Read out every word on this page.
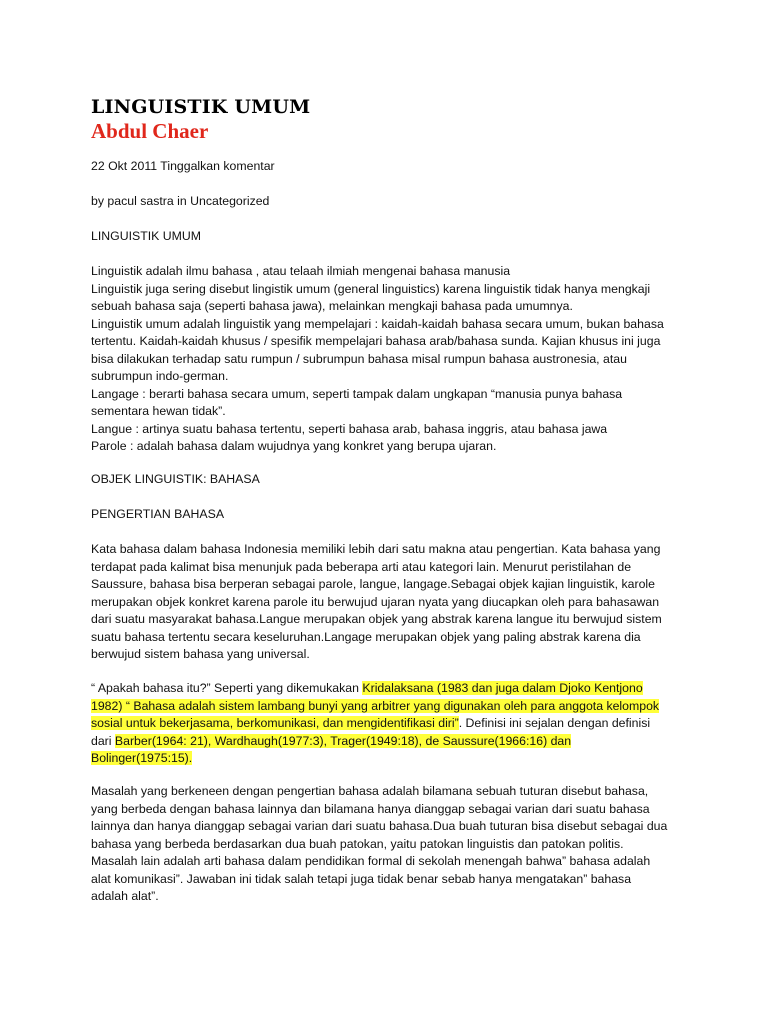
LINGUISTIK UMUM
Abdul Chaer
22 Okt 2011 Tinggalkan komentar
by pacul sastra in Uncategorized
LINGUISTIK UMUM
Linguistik adalah ilmu bahasa , atau telaah ilmiah mengenai bahasa manusia
Linguistik juga sering disebut lingistik umum (general linguistics) karena linguistik tidak hanya mengkaji
sebuah bahasa saja (seperti bahasa jawa), melainkan mengkaji bahasa pada umumnya.
Linguistik umum adalah linguistik yang mempelajari : kaidah-kaidah bahasa secara umum, bukan bahasa
tertentu. Kaidah-kaidah khusus / spesifik mempelajari bahasa arab/bahasa sunda. Kajian khusus ini juga
bisa dilakukan terhadap satu rumpun / subrumpun bahasa misal rumpun bahasa austronesia, atau
subrumpun indo-german.
Langage : berarti bahasa secara umum, seperti tampak dalam ungkapan “manusia punya bahasa
sementara hewan tidak”.
Langue : artinya suatu bahasa tertentu, seperti bahasa arab, bahasa inggris, atau bahasa jawa
Parole : adalah bahasa dalam wujudnya yang konkret yang berupa ujaran.
OBJEK LINGUISTIK: BAHASA
PENGERTIAN BAHASA
Kata bahasa dalam bahasa Indonesia memiliki lebih dari satu makna atau pengertian. Kata bahasa yang
terdapat pada kalimat bisa menunjuk pada beberapa arti atau kategori lain. Menurut peristilahan de
Saussure, bahasa bisa berperan sebagai parole, langue, langage.Sebagai objek kajian linguistik, karole
merupakan objek konkret karena parole itu berwujud ujaran nyata yang diucapkan oleh para bahasawan
dari suatu masyarakat bahasa.Langue merupakan objek yang abstrak karena langue itu berwujud sistem
suatu bahasa tertentu secara keseluruhan.Langage merupakan objek yang paling abstrak karena dia
berwujud sistem bahasa yang universal.
“ Apakah bahasa itu?” Seperti yang dikemukakan Kridalaksana (1983 dan juga dalam Djoko Kentjono
1982) “ Bahasa adalah sistem lambang bunyi yang arbitrer yang digunakan oleh para anggota kelompok
sosial untuk bekerjasama, berkomunikasi, dan mengidentifikasi diri”. Definisi ini sejalan dengan definisi
dari Barber(1964: 21), Wardhaugh(1977:3), Trager(1949:18), de Saussure(1966:16) dan
Bolinger(1975:15).
Masalah yang berkeneen dengan pengertian bahasa adalah bilamana sebuah tuturan disebut bahasa,
yang berbeda dengan bahasa lainnya dan bilamana hanya dianggap sebagai varian dari suatu bahasa
lainnya dan hanya dianggap sebagai varian dari suatu bahasa.Dua buah tuturan bisa disebut sebagai dua
bahasa yang berbeda berdasarkan dua buah patokan, yaitu patokan linguistis dan patokan politis.
Masalah lain adalah arti bahasa dalam pendidikan formal di sekolah menengah bahwa” bahasa adalah
alat komunikasi”. Jawaban ini tidak salah tetapi juga tidak benar sebab hanya mengatakan” bahasa
adalah alat”.
